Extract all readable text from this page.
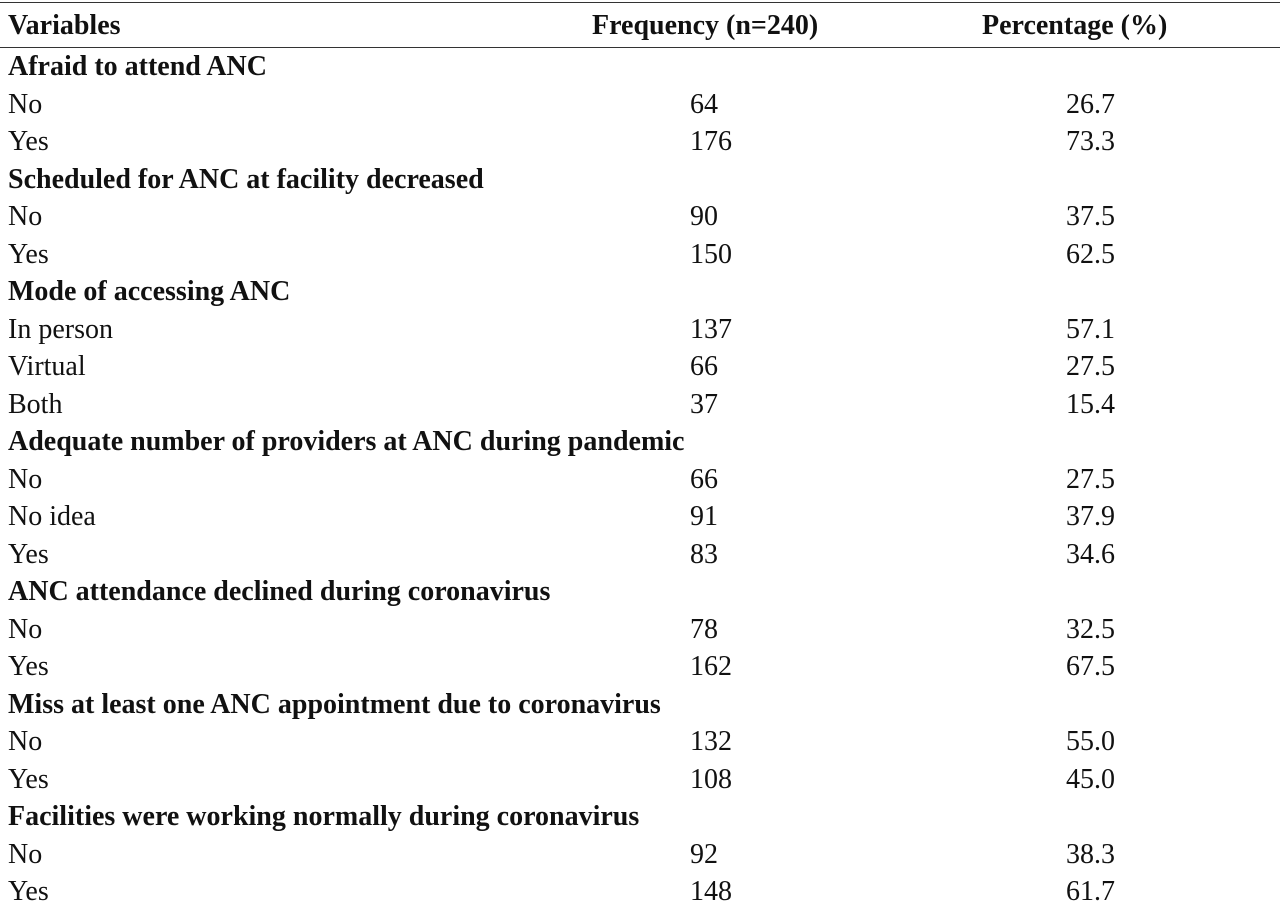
Variables	Frequency (n=240)	Percentage (%)
Afraid to attend ANC
No	64	26.7
Yes	176	73.3
Scheduled for ANC at facility decreased
No	90	37.5
Yes	150	62.5
Mode of accessing ANC
In person	137	57.1
Virtual	66	27.5
Both	37	15.4
Adequate number of providers at ANC during pandemic
No	66	27.5
No idea	91	37.9
Yes	83	34.6
ANC attendance declined during coronavirus
No	78	32.5
Yes	162	67.5
Miss at least one ANC appointment due to coronavirus
No	132	55.0
Yes	108	45.0
Facilities were working normally during coronavirus
No	92	38.3
Yes	148	61.7
